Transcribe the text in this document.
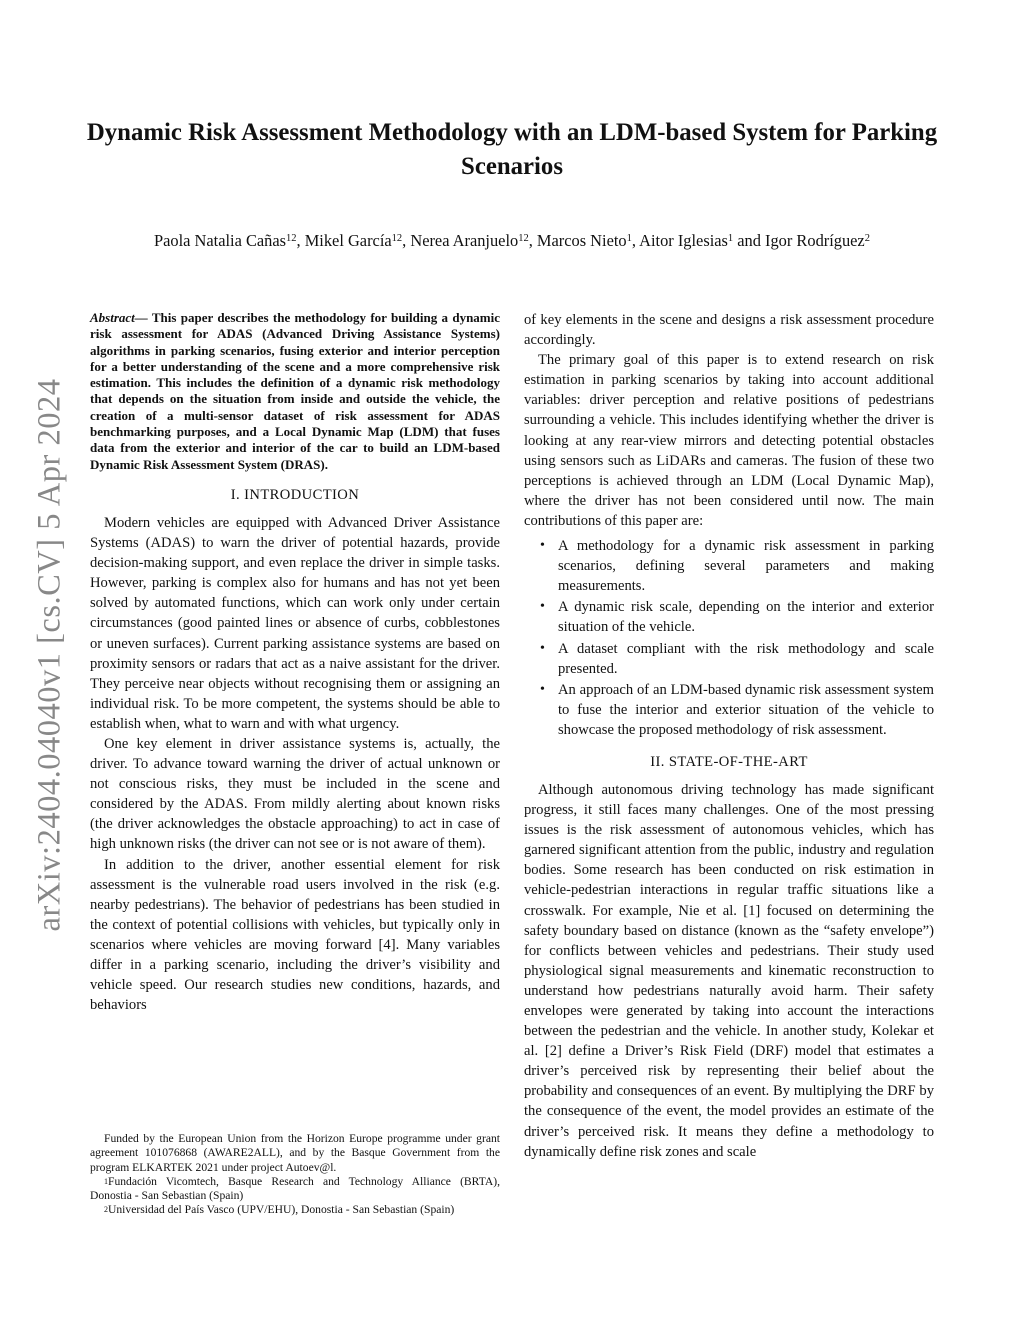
arXiv:2404.04040v1 [cs.CV] 5 Apr 2024
Dynamic Risk Assessment Methodology with an LDM-based System for Parking Scenarios
Paola Natalia Cañas$^{12}$, Mikel García$^{12}$, Nerea Aranjuelo$^{12}$, Marcos Nieto$^1$, Aitor Iglesias$^1$ and Igor Rodríguez$^2$

Abstract— This paper describes the methodology for building a dynamic risk assessment for ADAS (Advanced Driving Assistance Systems) algorithms in parking scenarios, fusing exterior and interior perception for a better understanding of the scene and a more comprehensive risk estimation. This includes the definition of a dynamic risk methodology that depends on the situation from inside and outside the vehicle, the creation of a multi-sensor dataset of risk assessment for ADAS benchmarking purposes, and a Local Dynamic Map (LDM) that fuses data from the exterior and interior of the car to build an LDM-based Dynamic Risk Assessment System (DRAS).

I. INTRODUCTION

Modern vehicles are equipped with Advanced Driver Assistance Systems (ADAS) to warn the driver of potential hazards, provide decision-making support, and even replace the driver in simple tasks. However, parking is complex also for humans and has not yet been solved by automated functions, which can work only under certain circumstances (good painted lines or absence of curbs, cobblestones or uneven surfaces). Current parking assistance systems are based on proximity sensors or radars that act as a naive assistant for the driver. They perceive near objects without recognising them or assigning an individual risk. To be more competent, the systems should be able to establish when, what to warn and with what urgency.

One key element in driver assistance systems is, actually, the driver. To advance toward warning the driver of actual unknown or not conscious risks, they must be included in the scene and considered by the ADAS. From mildly alerting about known risks (the driver acknowledges the obstacle approaching) to act in case of high unknown risks (the driver can not see or is not aware of them).

In addition to the driver, another essential element for risk assessment is the vulnerable road users involved in the risk (e.g. nearby pedestrians). The behavior of pedestrians has been studied in the context of potential collisions with vehicles, but typically only in scenarios where vehicles are moving forward [4]. Many variables differ in a parking scenario, including the driver’s visibility and vehicle speed. Our research studies new conditions, hazards, and behaviors

Funded by the European Union from the Horizon Europe programme under grant agreement 101076868 (AWARE2ALL), and by the Basque Government from the program ELKARTEK 2021 under project Autoev@l.

$^1$Fundación Vicomtech, Basque Research and Technology Alliance (BRTA), Donostia - San Sebastian (Spain)

$^2$Universidad del País Vasco (UPV/EHU), Donostia - San Sebastian (Spain)

of key elements in the scene and designs a risk assessment procedure accordingly.

The primary goal of this paper is to extend research on risk estimation in parking scenarios by taking into account additional variables: driver perception and relative positions of pedestrians surrounding a vehicle. This includes identifying whether the driver is looking at any rear-view mirrors and detecting potential obstacles using sensors such as LiDARs and cameras. The fusion of these two perceptions is achieved through an LDM (Local Dynamic Map), where the driver has not been considered until now. The main contributions of this paper are:

• A methodology for a dynamic risk assessment in parking scenarios, defining several parameters and making measurements.
• A dynamic risk scale, depending on the interior and exterior situation of the vehicle.
• A dataset compliant with the risk methodology and scale presented.
• An approach of an LDM-based dynamic risk assessment system to fuse the interior and exterior situation of the vehicle to showcase the proposed methodology of risk assessment.
II. STATE-OF-THE-ART

Although autonomous driving technology has made significant progress, it still faces many challenges. One of the most pressing issues is the risk assessment of autonomous vehicles, which has garnered significant attention from the public, industry and regulation bodies. Some research has been conducted on risk estimation in vehicle-pedestrian interactions in regular traffic situations like a crosswalk. For example, Nie et al. [1] focused on determining the safety boundary based on distance (known as the “safety envelope”) for conflicts between vehicles and pedestrians. Their study used physiological signal measurements and kinematic reconstruction to understand how pedestrians naturally avoid harm. Their safety envelopes were generated by taking into account the interactions between the pedestrian and the vehicle. In another study, Kolekar et al. [2] define a Driver’s Risk Field (DRF) model that estimates a driver’s perceived risk by representing their belief about the probability and consequences of an event. By multiplying the DRF by the consequence of the event, the model provides an estimate of the driver’s perceived risk. It means they define a methodology to dynamically define risk zones and scale
